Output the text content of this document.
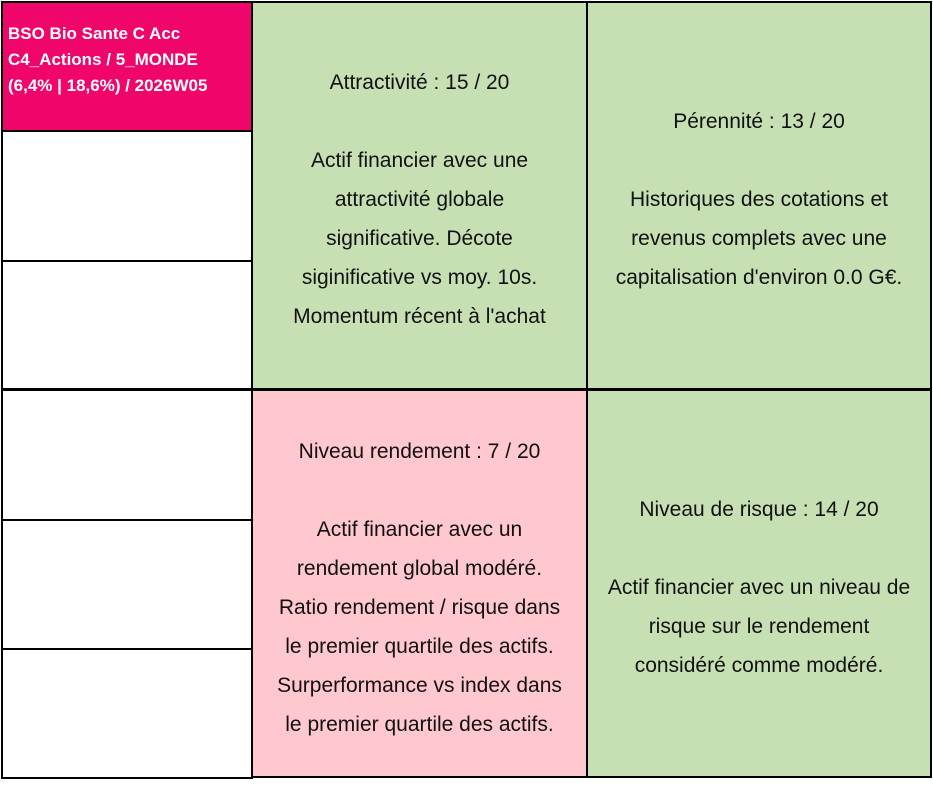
BSO Bio Sante C Acc
C4_Actions / 5_MONDE
(6,4% | 18,6%) / 2026W05	Attractivité : 15 / 20
Actif financier avec une
attractivité globale
significative. Décote
siginificative vs moy. 10s.
Momentum récent à l'achat
Pérennité : 13 / 20
Historiques des cotations et
revenus complets avec une
capitalisation d'environ 0.0 G€.
Niveau rendement : 7 / 20
Actif financier avec un
rendement global modéré.
Ratio rendement / risque dans
le premier quartile des actifs.
Surperformance vs index dans
le premier quartile des actifs.
Niveau de risque : 14 / 20
Actif financier avec un niveau de
risque sur le rendement
considéré comme modéré.
